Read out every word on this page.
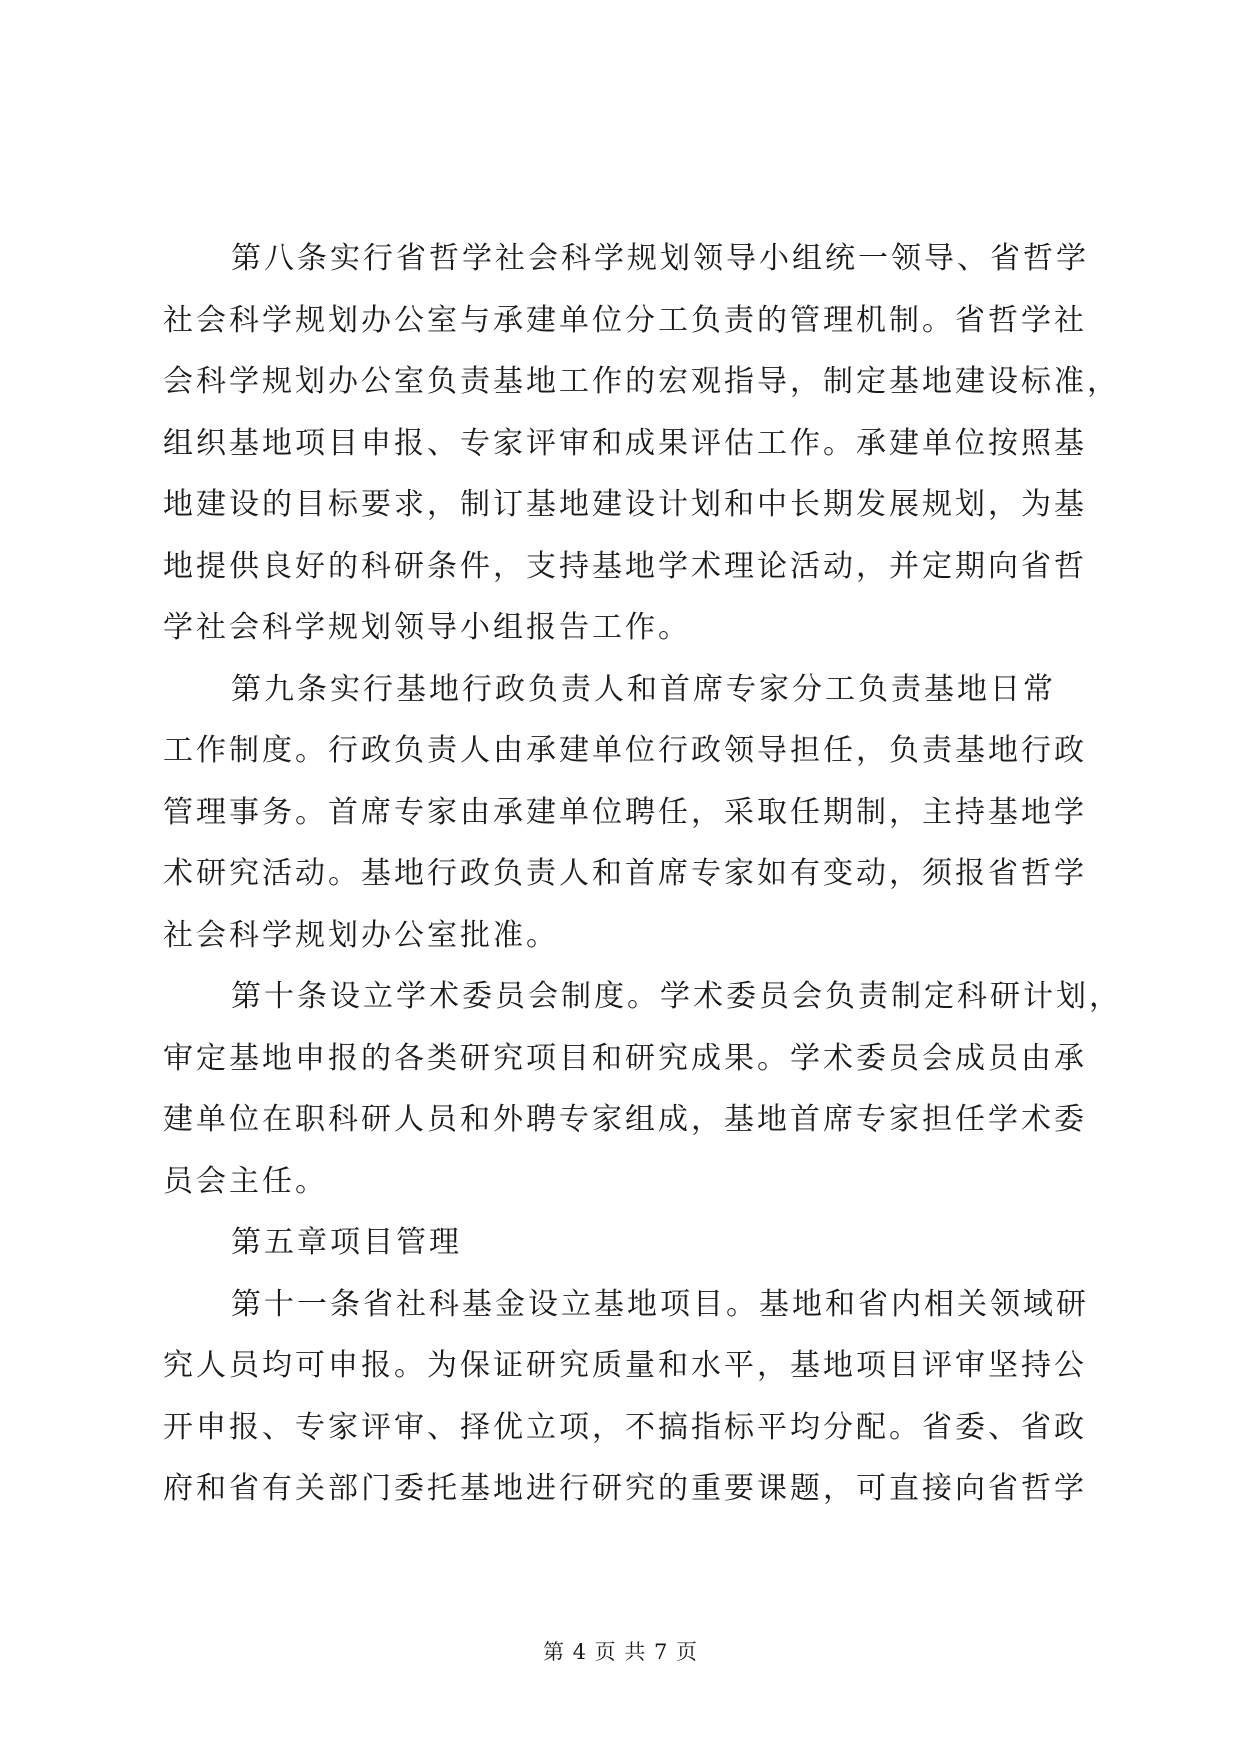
第八条实行省哲学社会科学规划领导小组统一领导、省哲学
社会科学规划办公室与承建单位分工负责的管理机制。省哲学社
会科学规划办公室负责基地工作的宏观指导，制定基地建设标准，
组织基地项目申报、专家评审和成果评估工作。承建单位按照基
地建设的目标要求，制订基地建设计划和中长期发展规划，为基
地提供良好的科研条件，支持基地学术理论活动，并定期向省哲
学社会科学规划领导小组报告工作。
第九条实行基地行政负责人和首席专家分工负责基地日常
工作制度。行政负责人由承建单位行政领导担任，负责基地行政
管理事务。首席专家由承建单位聘任，采取任期制，主持基地学
术研究活动。基地行政负责人和首席专家如有变动，须报省哲学
社会科学规划办公室批准。
第十条设立学术委员会制度。学术委员会负责制定科研计划，
审定基地申报的各类研究项目和研究成果。学术委员会成员由承
建单位在职科研人员和外聘专家组成，基地首席专家担任学术委
员会主任。
第五章项目管理
第十一条省社科基金设立基地项目。基地和省内相关领域研
究人员均可申报。为保证研究质量和水平，基地项目评审坚持公
开申报、专家评审、择优立项，不搞指标平均分配。省委、省政
府和省有关部门委托基地进行研究的重要课题，可直接向省哲学
第 4 页 共 7 页
